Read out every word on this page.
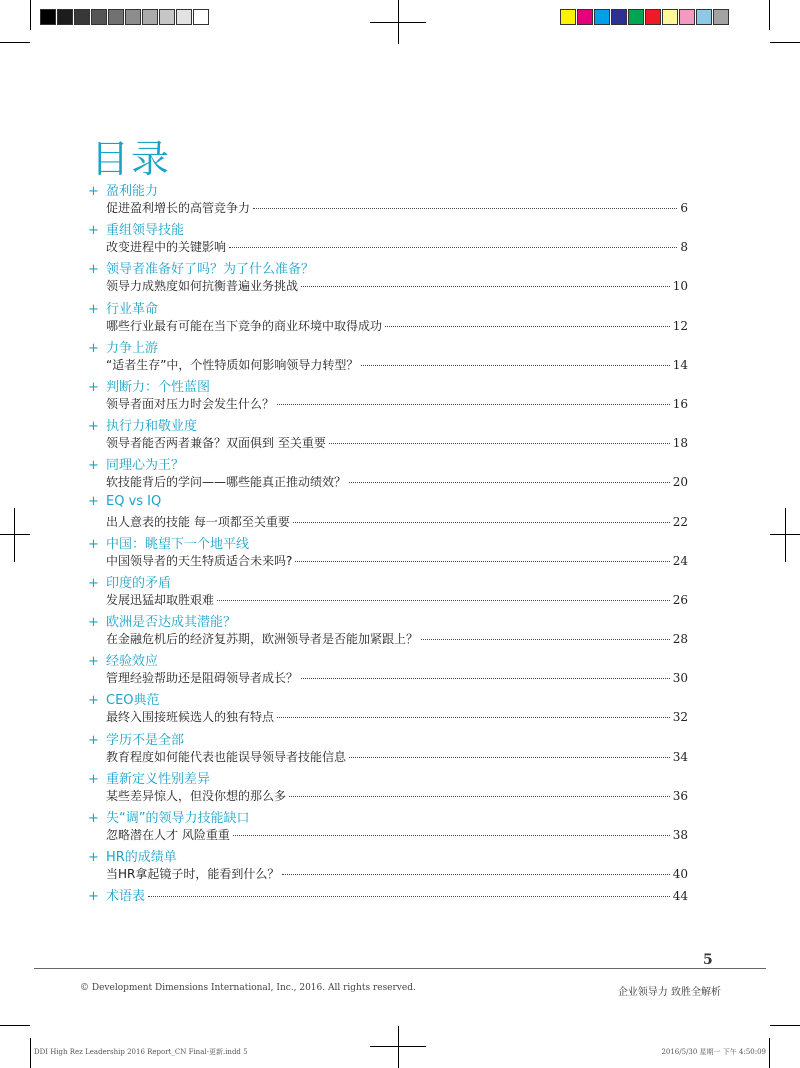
目录
+ 盈利能力
促进盈利增长的高管竞争力	6
+ 重组领导技能
改变进程中的关键影响	8
+ 领导者准备好了吗？为了什么准备？
领导力成熟度如何抗衡普遍业务挑战	10
+ 行业革命
哪些行业最有可能在当下竞争的商业环境中取得成功	12
+ 力争上游
“适者生存”中，个性特质如何影响领导力转型？	14
+ 判断力：个性蓝图
领导者面对压力时会发生什么？	16
+ 执行力和敬业度
领导者能否两者兼备？双面俱到 至关重要	18
+ 同理心为王？
软技能背后的学问——哪些能真正推动绩效？	20
+ EQ vs IQ
出人意表的技能 每一项都至关重要	22
+ 中国：眺望下一个地平线
中国领导者的天生特质适合未来吗?	24
+ 印度的矛盾
发展迅猛却取胜艰难	26
+ 欧洲是否达成其潜能？
在金融危机后的经济复苏期，欧洲领导者是否能加紧跟上？	28
+ 经验效应
管理经验帮助还是阻碍领导者成长？	30
+ CEO典范
最终入围接班候选人的独有特点	32
+ 学历不是全部
教育程度如何能代表也能误导领导者技能信息	34
+ 重新定义性别差异
某些差异惊人，但没你想的那么多	36
+ 失“调”的领导力技能缺口
忽略潜在人才 风险重重	38
+ HR的成绩单
当HR拿起镜子时，能看到什么？	40
+ 术语表	44
5
© Development Dimensions International, Inc., 2016. All rights reserved.	企业领导力 致胜全解析
DDI High Rez Leadership 2016 Report_CN Final-更新.indd 5	2016/5/30 星期一 下午 4:50:09
